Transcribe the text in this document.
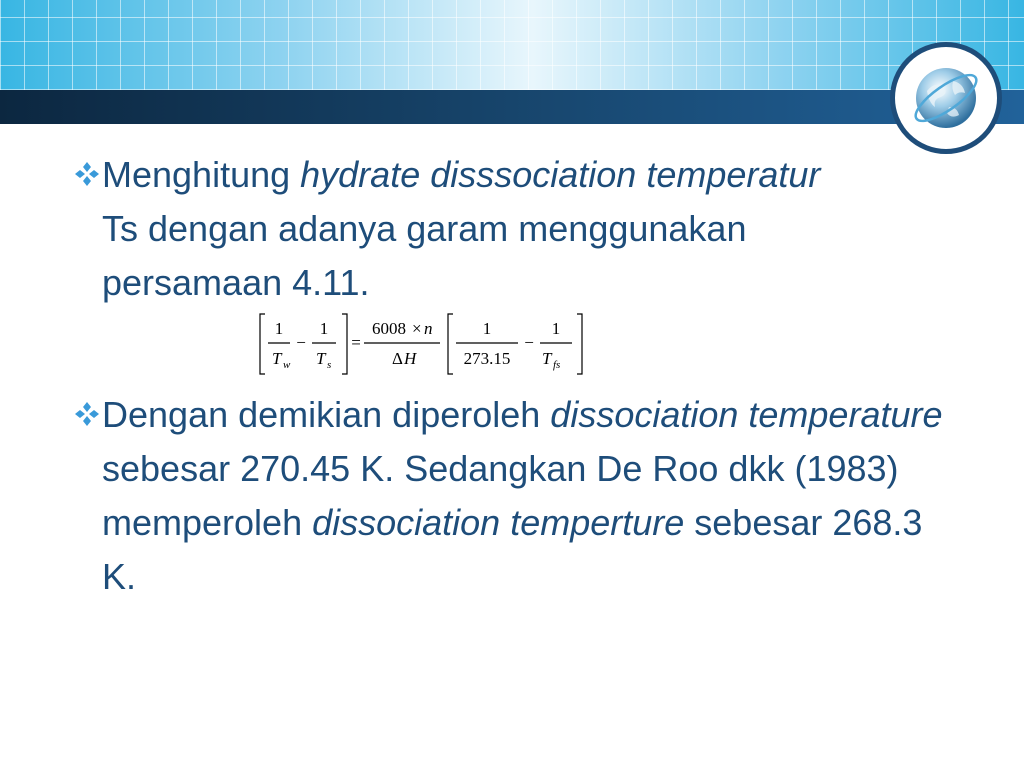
Menghitung hydrate disssociation temperatur Ts dengan adanya garam menggunakan persamaan 4.11.
1
T w
−
1
T s
=
6008 × n
Δ H
1
273.15
−
1
T fs
Dengan demikian diperoleh dissociation temperature sebesar 270.45 K. Sedangkan De Roo dkk (1983) memperoleh dissociation temperture sebesar 268.3 K.
